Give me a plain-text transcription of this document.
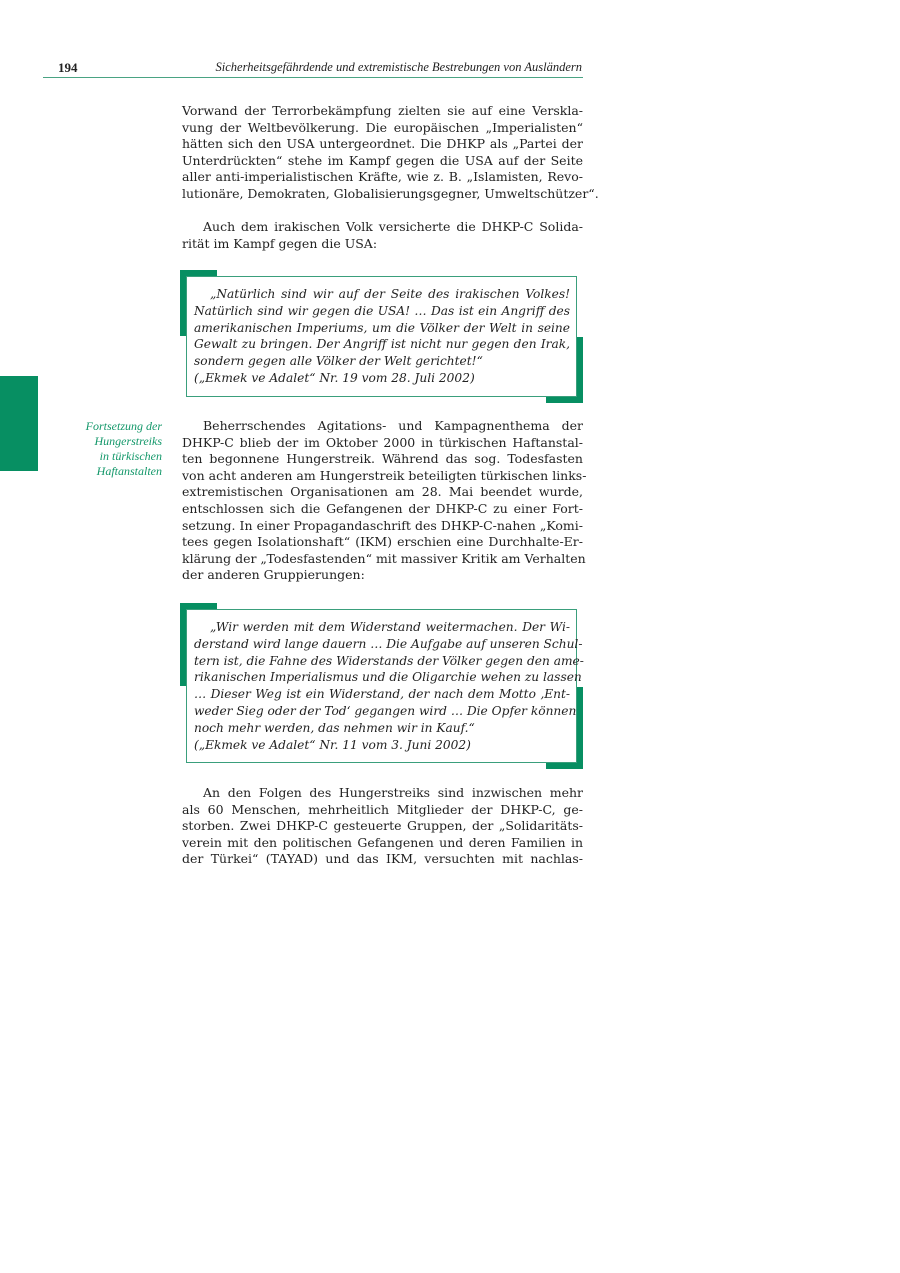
194	Sicherheitsgefährdende und extremistische Bestrebungen von Ausländern
Fortsetzung der
Hungerstreiks
in türkischen
Haftanstalten

Vorwand der Terrorbekämpfung zielten sie auf eine Verskla-
vung der Weltbevölkerung. Die europäischen „Imperialisten“
hätten sich den USA untergeordnet. Die DHKP als „Partei der
Unterdrückten“ stehe im Kampf gegen die USA auf der Seite
aller anti-imperialistischen Kräfte, wie z. B. „Islamisten, Revo-
lutionäre, Demokraten, Globalisierungsgegner, Umweltschützer“.

Auch dem irakischen Volk versicherte die DHKP-C Solida-
rität im Kampf gegen die USA:

„Natürlich sind wir auf der Seite des irakischen Volkes!
Natürlich sind wir gegen die USA! … Das ist ein Angriff des
amerikanischen Imperiums, um die Völker der Welt in seine
Gewalt zu bringen. Der Angriff ist nicht nur gegen den Irak,
sondern gegen alle Völker der Welt gerichtet!“
(„Ekmek ve Adalet“ Nr. 19 vom 28. Juli 2002)

Beherrschendes Agitations- und Kampagnenthema der
DHKP-C blieb der im Oktober 2000 in türkischen Haftanstal-
ten begonnene Hungerstreik. Während das sog. Todesfasten
von acht anderen am Hungerstreik beteiligten türkischen links-
extremistischen Organisationen am 28. Mai beendet wurde,
entschlossen sich die Gefangenen der DHKP-C zu einer Fort-
setzung. In einer Propagandaschrift des DHKP-C-nahen „Komi-
tees gegen Isolationshaft“ (IKM) erschien eine Durchhalte-Er-
klärung der „Todesfastenden“ mit massiver Kritik am Verhalten
der anderen Gruppierungen:

„Wir werden mit dem Widerstand weitermachen. Der Wi-
derstand wird lange dauern … Die Aufgabe auf unseren Schul-
tern ist, die Fahne des Widerstands der Völker gegen den ame-
rikanischen Imperialismus und die Oligarchie wehen zu lassen
… Dieser Weg ist ein Widerstand, der nach dem Motto ‚Ent-
weder Sieg oder der Tod‘ gegangen wird … Die Opfer können
noch mehr werden, das nehmen wir in Kauf.“
(„Ekmek ve Adalet“ Nr. 11 vom 3. Juni 2002)

An den Folgen des Hungerstreiks sind inzwischen mehr
als 60 Menschen, mehrheitlich Mitglieder der DHKP-C, ge-
storben. Zwei DHKP-C gesteuerte Gruppen, der „Solidaritäts-
verein mit den politischen Gefangenen und deren Familien in
der Türkei“ (TAYAD) und das IKM, versuchten mit nachlas-
